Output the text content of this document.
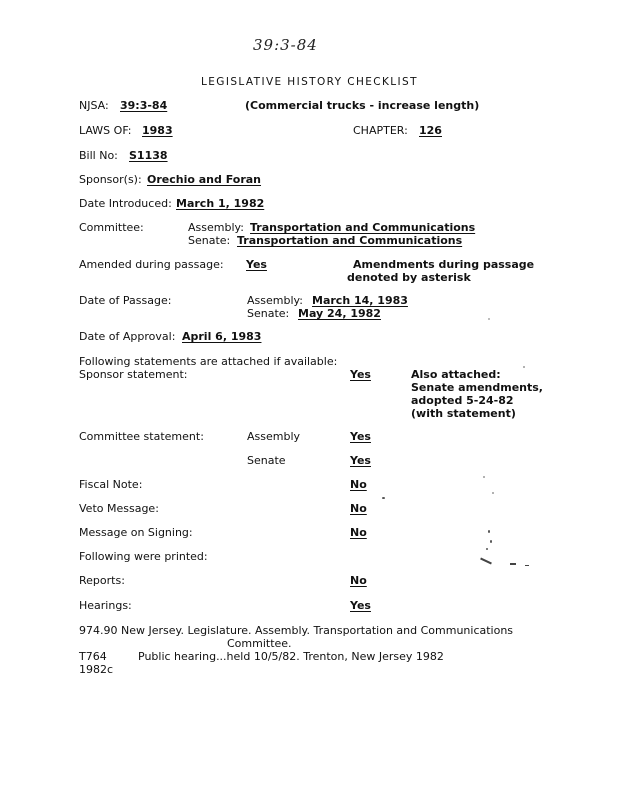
39:3-84
LEGISLATIVE HISTORY CHECKLIST
NJSA: 39:3-84	(Commercial trucks - increase length)
LAWS OF: 1983	CHAPTER: 126
Bill No: S1138
Sponsor(s): Orechio and Foran
Date Introduced: March 1, 1982
Committee:	Assembly: Transportation and Communications
Senate: Transportation and Communications
Amended during passage: Yes	Amendments during passage
denoted by asterisk
Date of Passage:	Assembly: March 14, 1983
Senate: May 24, 1982
Date of Approval: April 6, 1983
Following statements are attached if available:
Sponsor statement:	Yes	Also attached:
Senate amendments,
adopted 5-24-82
(with statement)
Committee statement:	Assembly	Yes
Senate	Yes
Fiscal Note:	No
Veto Message:	No
Message on Signing:	No
Following were printed:
Reports:	No
Hearings:	Yes
974.90 New Jersey. Legislature. Assembly. Transportation and Communications
Committee.
T764	Public hearing...held 10/5/82. Trenton, New Jersey 1982
1982c
